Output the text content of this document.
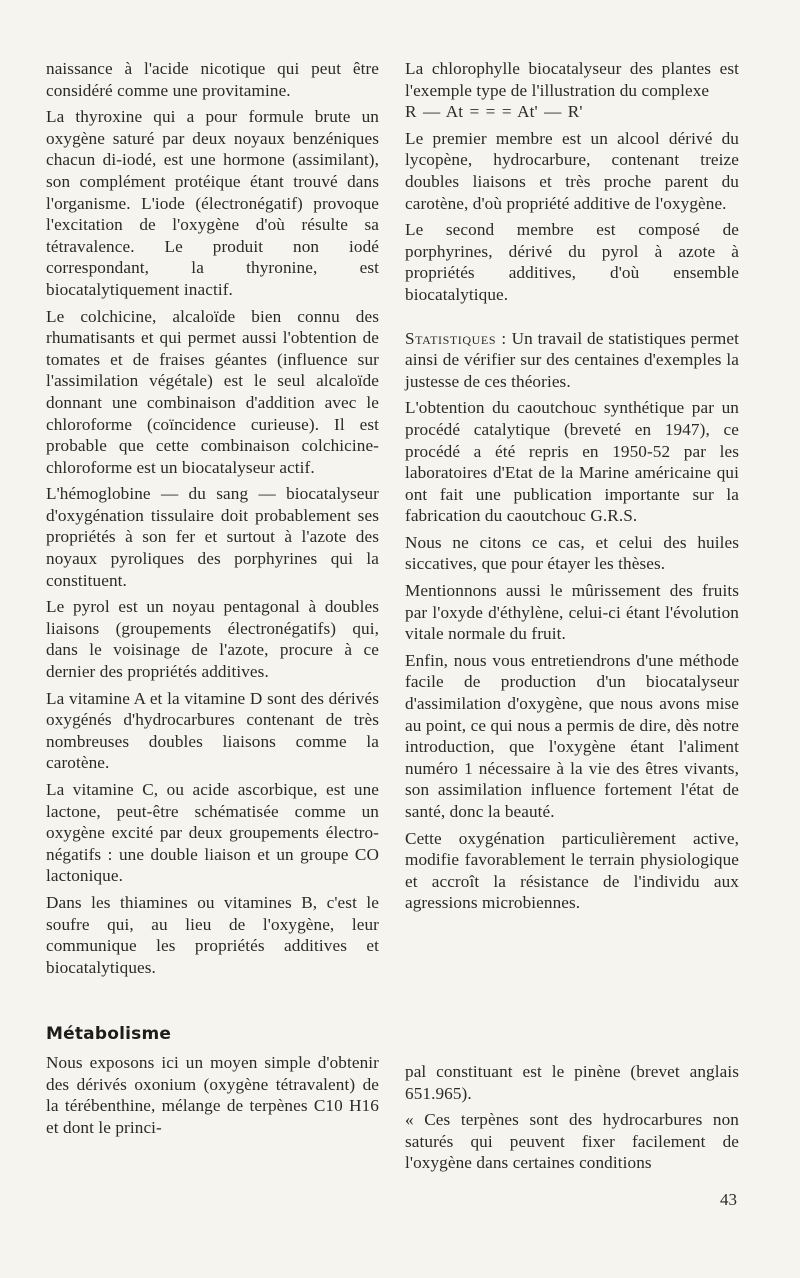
naissance à l'acide nicotique qui peut être considéré comme une provitamine.

La thyroxine qui a pour formule brute un oxygène saturé par deux noyaux benzéniques chacun di-iodé, est une hormone (assimilant), son complément protéique étant trouvé dans l'organisme. L'iode (électronégatif) provoque l'excitation de l'oxygène d'où résulte sa tétravalence. Le produit non iodé correspondant, la thyronine, est biocatalytiquement inactif.

Le colchicine, alcaloïde bien connu des rhumatisants et qui permet aussi l'obtention de tomates et de fraises géantes (influence sur l'assimilation végétale) est le seul alcaloïde donnant une combinaison d'addition avec le chloroforme (coïncidence curieuse). Il est probable que cette combinaison colchicine-chloroforme est un biocatalyseur actif.

L'hémoglobine — du sang — biocatalyseur d'oxygénation tissulaire doit probablement ses propriétés à son fer et surtout à l'azote des noyaux pyroliques des porphyrines qui la constituent.

Le pyrol est un noyau pentagonal à doubles liaisons (groupements électronégatifs) qui, dans le voisinage de l'azote, procure à ce dernier des propriétés additives.

La vitamine A et la vitamine D sont des dérivés oxygénés d'hydrocarbures contenant de très nombreuses doubles liaisons comme la carotène.

La vitamine C, ou acide ascorbique, est une lactone, peut-être schématisée comme un oxygène excité par deux groupements électro-négatifs : une double liaison et un groupe CO lactonique.

Dans les thiamines ou vitamines B, c'est le soufre qui, au lieu de l'oxygène, leur communique les propriétés additives et biocatalytiques.

La chlorophylle biocatalyseur des plantes est l'exemple type de l'illustration du complexe
R — At = = = At' — R'

Le premier membre est un alcool dérivé du lycopène, hydrocarbure, contenant treize doubles liaisons et très proche parent du carotène, d'où propriété additive de l'oxygène.

Le second membre est composé de porphyrines, dérivé du pyrol à azote à propriétés additives, d'où ensemble biocatalytique.

Statistiques : Un travail de statistiques permet ainsi de vérifier sur des centaines d'exemples la justesse de ces théories.

L'obtention du caoutchouc synthétique par un procédé catalytique (breveté en 1947), ce procédé a été repris en 1950-52 par les laboratoires d'Etat de la Marine américaine qui ont fait une publication importante sur la fabrication du caoutchouc G.R.S.

Nous ne citons ce cas, et celui des huiles siccatives, que pour étayer les thèses.

Mentionnons aussi le mûrissement des fruits par l'oxyde d'éthylène, celui-ci étant l'évolution vitale normale du fruit.

Enfin, nous vous entretiendrons d'une méthode facile de production d'un biocatalyseur d'assimilation d'oxygène, que nous avons mise au point, ce qui nous a permis de dire, dès notre introduction, que l'oxygène étant l'aliment numéro 1 nécessaire à la vie des êtres vivants, son assimilation influence fortement l'état de santé, donc la beauté.

Cette oxygénation particulièrement active, modifie favorablement le terrain physiologique et accroît la résistance de l'individu aux agressions microbiennes.

Métabolisme

Nous exposons ici un moyen simple d'obtenir des dérivés oxonium (oxygène tétravalent) de la térébenthine, mélange de terpènes C10 H16 et dont le princi-

pal constituant est le pinène (brevet anglais 651.965).

« Ces terpènes sont des hydrocarbures non saturés qui peuvent fixer facilement de l'oxygène dans certaines conditions

43
